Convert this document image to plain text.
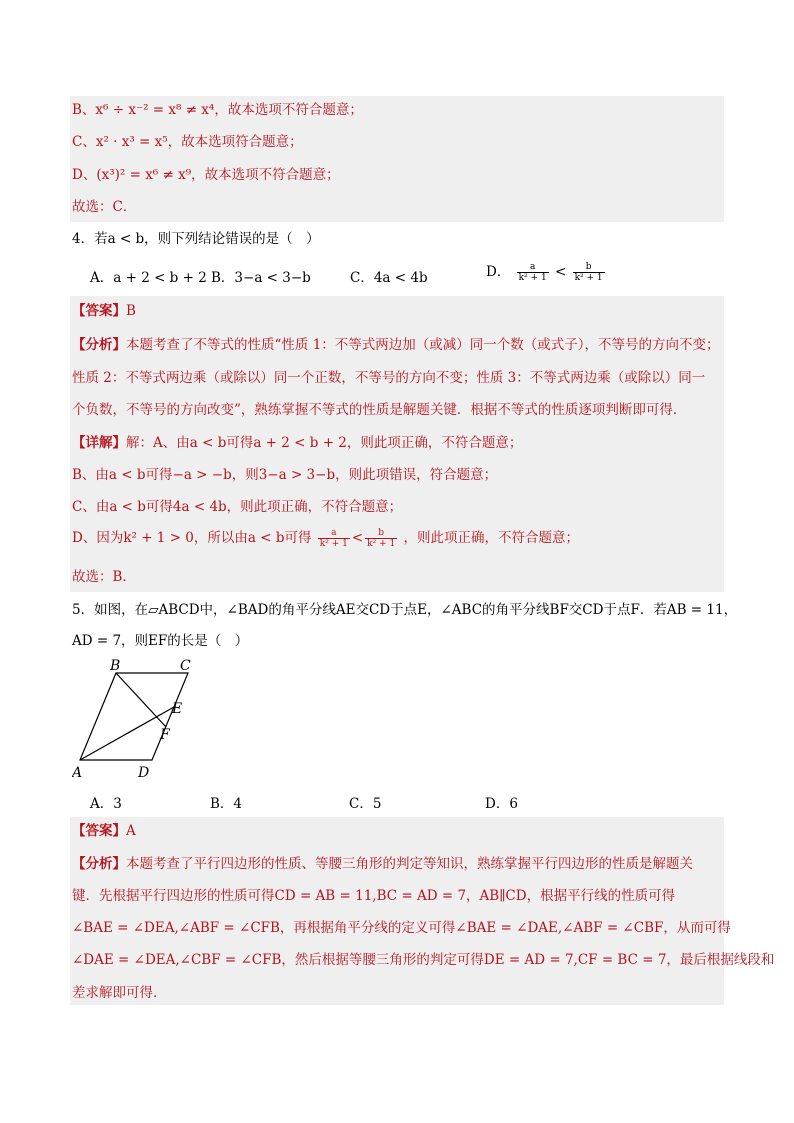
B、x⁶ ÷ x⁻² = x⁸ ≠ x⁴，故本选项不符合题意；
C、x² · x³ = x⁵，故本选项符合题意；
D、(x³)² = x⁶ ≠ x⁹，故本选项不符合题意；
故选：C．
4．若a < b，则下列结论错误的是（　）
A．a + 2 < b + 2 B．3−a < 3−b	C．4a < 4b	D． $\frac{a}{\text{k² + 1}} < \frac{b}{\text{k² + 1}}$
【答案】B
【分析】本题考查了不等式的性质“性质 1：不等式两边加（或减）同一个数（或式子），不等号的方向不变；
性质 2：不等式两边乘（或除以）同一个正数，不等号的方向不变；性质 3：不等式两边乘（或除以）同一
个负数，不等号的方向改变”，熟练掌握不等式的性质是解题关键．根据不等式的性质逐项判断即可得．
【详解】解：A、由a < b可得a + 2 < b + 2，则此项正确，不符合题意；
B、由a < b可得−a > −b，则3−a > 3−b，则此项错误，符合题意；
C、由a < b可得4a < 4b，则此项正确，不符合题意；
D、因为k² + 1 > 0，所以由a < b可得 $\frac{a}{\text{k² + 1}} < \frac{b}{\text{k² + 1}}$ ，则此项正确，不符合题意；
故选：B．
5．如图，在▱ABCD中，∠BAD的角平分线AE交CD于点E，∠ABC的角平分线BF交CD于点F．若AB = 11，
AD = 7，则EF的长是（　）
B	C
E
F
A	D
A．3	B．4	C．5	D．6
【答案】A
【分析】本题考查了平行四边形的性质、等腰三角形的判定等知识，熟练掌握平行四边形的性质是解题关
键．先根据平行四边形的性质可得CD = AB = 11,BC = AD = 7，AB∥CD，根据平行线的性质可得
∠BAE = ∠DEA,∠ABF = ∠CFB，再根据角平分线的定义可得∠BAE = ∠DAE,∠ABF = ∠CBF，从而可得
∠DAE = ∠DEA,∠CBF = ∠CFB，然后根据等腰三角形的判定可得DE = AD = 7,CF = BC = 7，最后根据线段和
差求解即可得．
